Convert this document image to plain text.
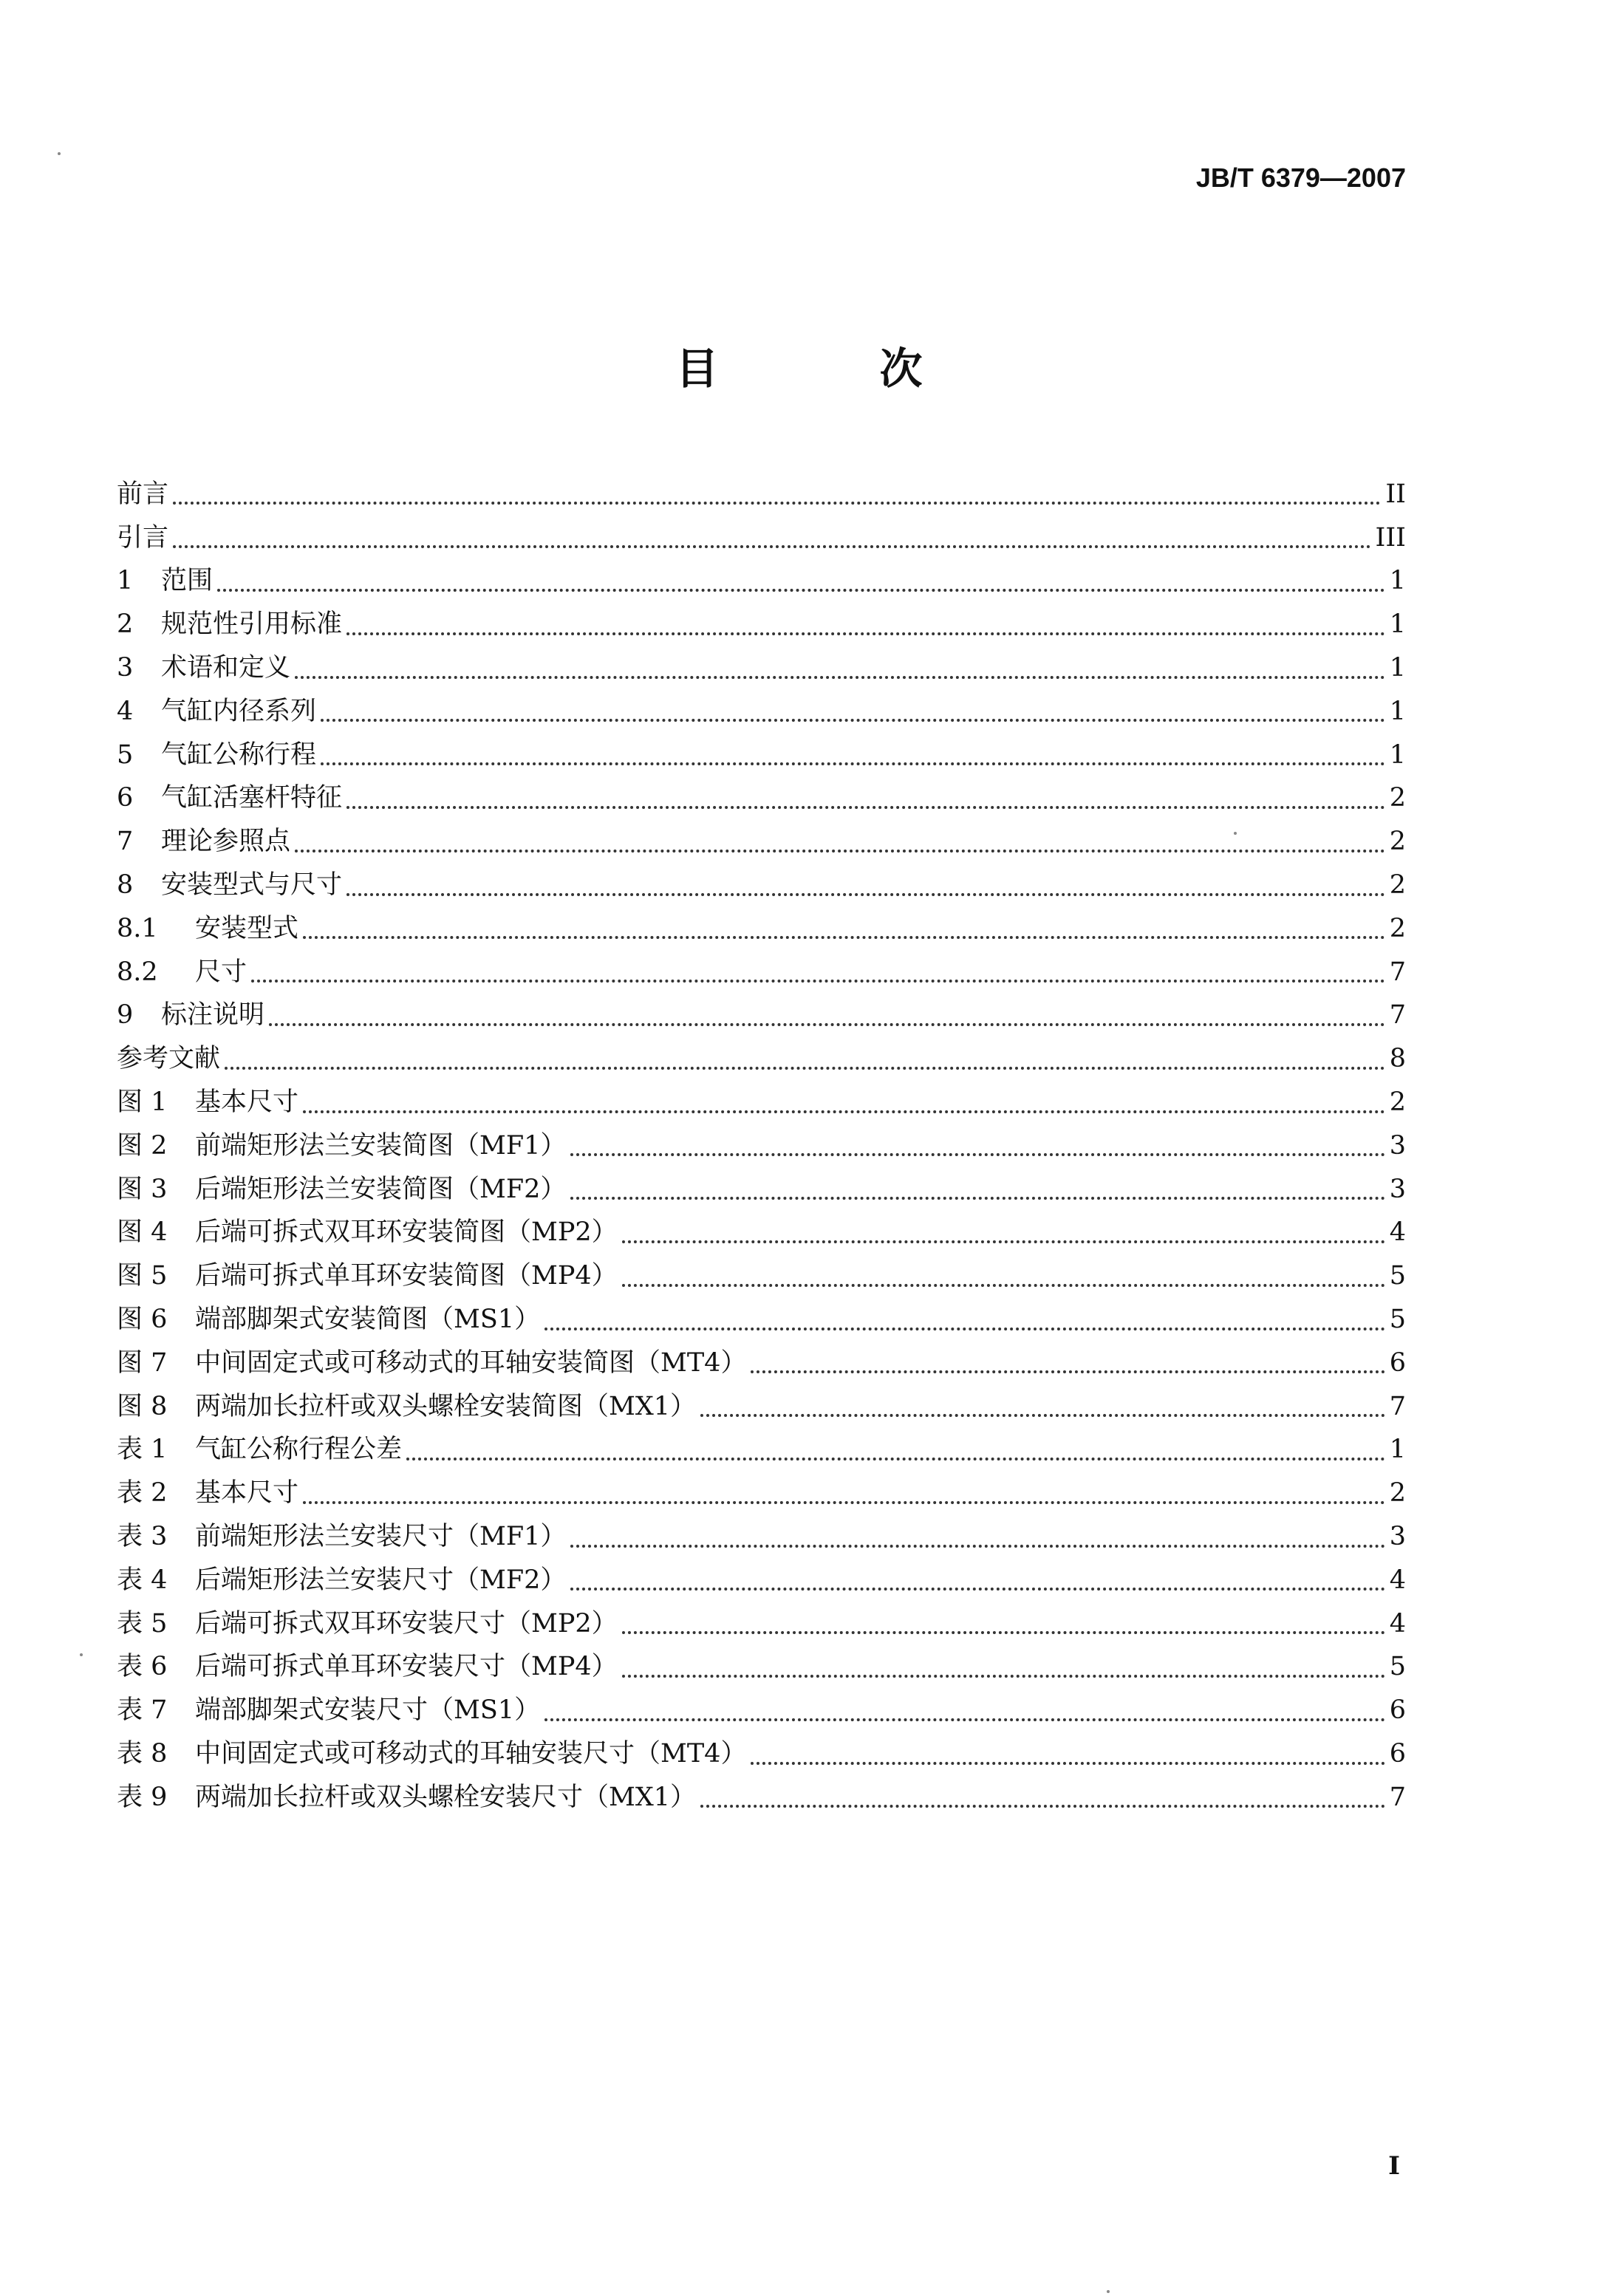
JB/T 6379—2007
目　次
前言	II
引言	III
1	范围	1
2	规范性引用标准	1
3	术语和定义	1
4	气缸内径系列	1
5	气缸公称行程	1
6	气缸活塞杆特征	2
7	理论参照点	2
8	安装型式与尺寸	2
8.1	安装型式	2
8.2	尺寸	7
9	标注说明	7
参考文献	8
图 1	基本尺寸	2
图 2	前端矩形法兰安装简图（MF1）	3
图 3	后端矩形法兰安装简图（MF2）	3
图 4	后端可拆式双耳环安装简图（MP2）	4
图 5	后端可拆式单耳环安装简图（MP4）	5
图 6	端部脚架式安装简图（MS1）	5
图 7	中间固定式或可移动式的耳轴安装简图（MT4）	6
图 8	两端加长拉杆或双头螺栓安装简图（MX1）	7
表 1	气缸公称行程公差	1
表 2	基本尺寸	2
表 3	前端矩形法兰安装尺寸（MF1）	3
表 4	后端矩形法兰安装尺寸（MF2）	4
表 5	后端可拆式双耳环安装尺寸（MP2）	4
表 6	后端可拆式单耳环安装尺寸（MP4）	5
表 7	端部脚架式安装尺寸（MS1）	6
表 8	中间固定式或可移动式的耳轴安装尺寸（MT4）	6
表 9	两端加长拉杆或双头螺栓安装尺寸（MX1）	7
I
